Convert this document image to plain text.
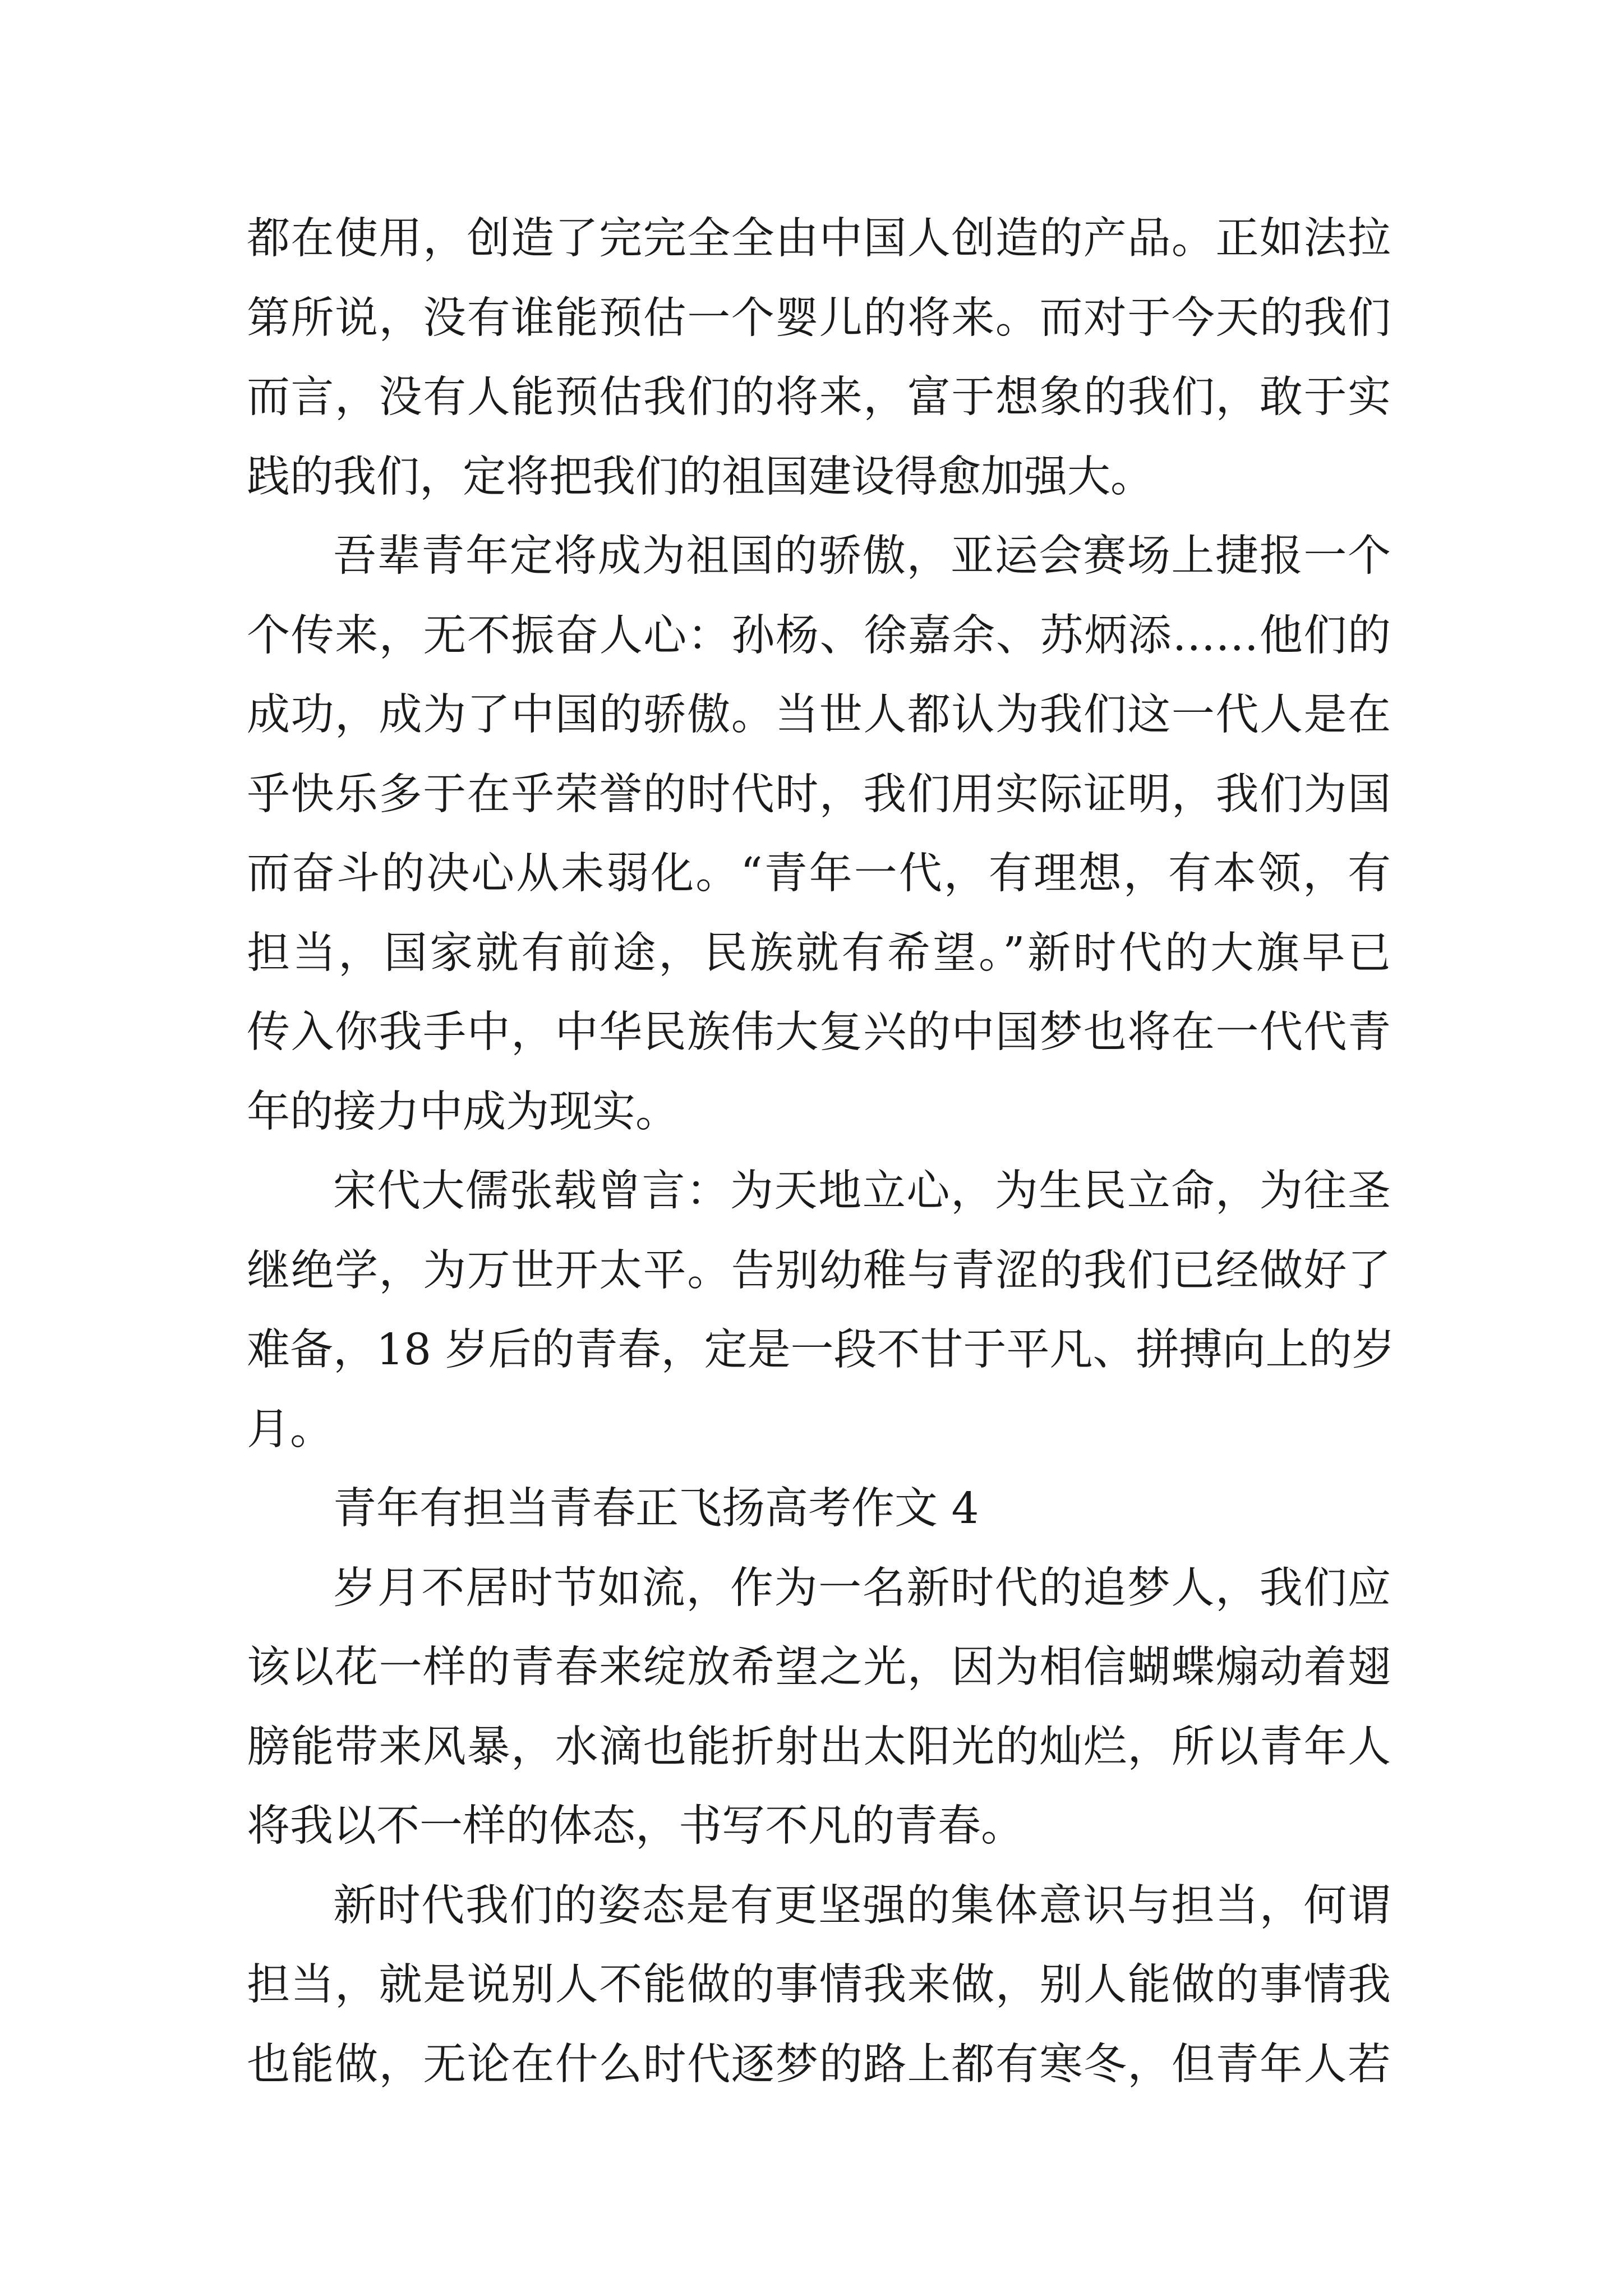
都在使用，创造了完完全全由中国人创造的产品。正如法拉
第所说，没有谁能预估一个婴儿的将来。而对于今天的我们
而言，没有人能预估我们的将来，富于想象的我们，敢于实
践的我们，定将把我们的祖国建设得愈加强大。
吾辈青年定将成为祖国的骄傲，亚运会赛场上捷报一个
个传来，无不振奋人心：孙杨、徐嘉余、苏炳添……他们的
成功，成为了中国的骄傲。当世人都认为我们这一代人是在
乎快乐多于在乎荣誉的时代时，我们用实际证明，我们为国
而奋斗的决心从未弱化。“青年一代，有理想，有本领，有
担当，国家就有前途，民族就有希望。”新时代的大旗早已
传入你我手中，中华民族伟大复兴的中国梦也将在一代代青
年的接力中成为现实。
宋代大儒张载曾言：为天地立心，为生民立命，为往圣
继绝学，为万世开太平。告别幼稚与青涩的我们已经做好了
难备，18 岁后的青春，定是一段不甘于平凡、拼搏向上的岁
月。
青年有担当青春正飞扬高考作文 4
岁月不居时节如流，作为一名新时代的追梦人，我们应
该以花一样的青春来绽放希望之光，因为相信蝴蝶煽动着翅
膀能带来风暴，水滴也能折射出太阳光的灿烂，所以青年人
将我以不一样的体态，书写不凡的青春。
新时代我们的姿态是有更坚强的集体意识与担当，何谓
担当，就是说别人不能做的事情我来做，别人能做的事情我
也能做，无论在什么时代逐梦的路上都有寒冬，但青年人若
